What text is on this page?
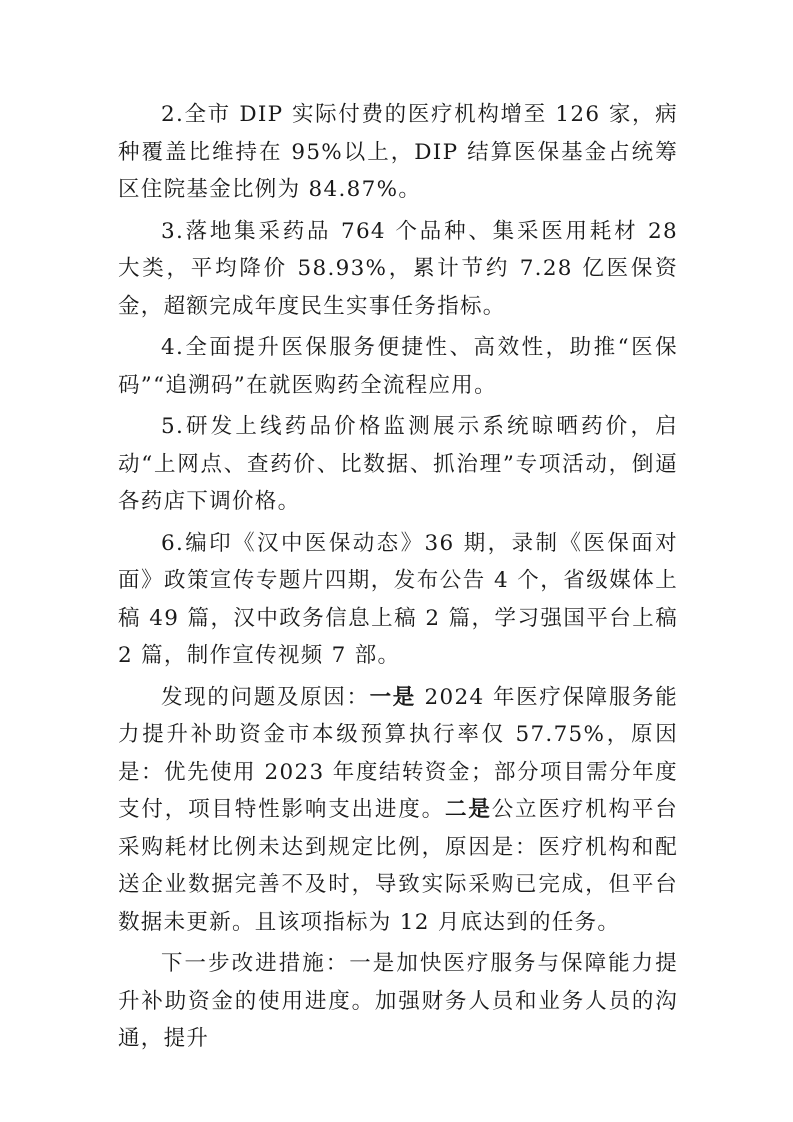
2.全市 DIP 实际付费的医疗机构增至 126 家，病种覆盖比维持在 95%以上，DIP 结算医保基金占统筹区住院基金比例为 84.87%。

3.落地集采药品 764 个品种、集采医用耗材 28 大类，平均降价 58.93%，累计节约 7.28 亿医保资金，超额完成年度民生实事任务指标。

4.全面提升医保服务便捷性、高效性，助推“医保码”“追溯码”在就医购药全流程应用。

5.研发上线药品价格监测展示系统晾晒药价，启动“上网点、查药价、比数据、抓治理”专项活动，倒逼各药店下调价格。

6.编印《汉中医保动态》36 期，录制《医保面对面》政策宣传专题片四期，发布公告 4 个，省级媒体上稿 49 篇，汉中政务信息上稿 2 篇，学习强国平台上稿 2 篇，制作宣传视频 7 部。

发现的问题及原因：一是 2024 年医疗保障服务能力提升补助资金市本级预算执行率仅 57.75%，原因是：优先使用 2023 年度结转资金；部分项目需分年度支付，项目特性影响支出进度。二是公立医疗机构平台采购耗材比例未达到规定比例，原因是：医疗机构和配送企业数据完善不及时，导致实际采购已完成，但平台数据未更新。且该项指标为 12 月底达到的任务。

下一步改进措施：一是加快医疗服务与保障能力提升补助资金的使用进度。加强财务人员和业务人员的沟通，提升
